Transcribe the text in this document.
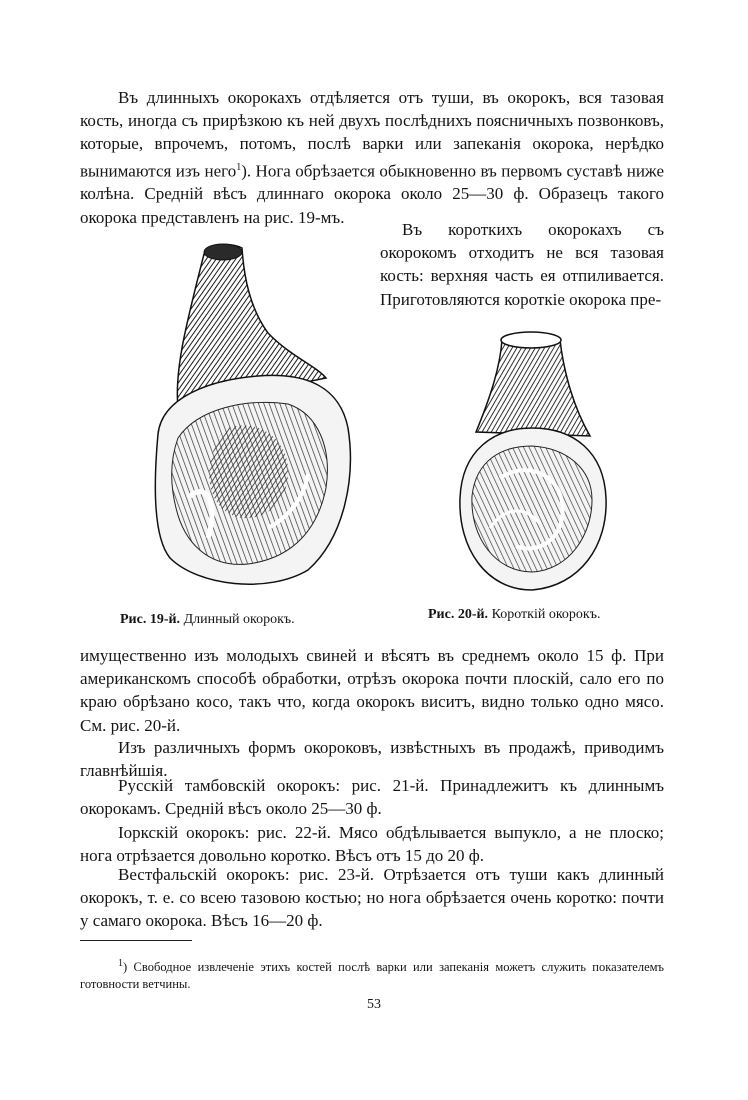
Въ длинныхъ окорокахъ отдѣляется отъ туши, въ окорокъ, вся тазовая кость, иногда съ прирѣзкою къ ней двухъ послѣднихъ поясничныхъ позвонковъ, которые, впрочемъ, потомъ, послѣ варки или запеканія окорока, нерѣдко вынимаются изъ него$^1$). Нога обрѣзается обыкновенно въ первомъ суставѣ ниже колѣна. Средній вѣсъ длиннаго окорока около 25—30 ф. Образецъ такого окорока представленъ на рис. 19-мъ.

Въ короткихъ окорокахъ съ окорокомъ отходитъ не вся тазовая кость: верхняя часть ея отпиливается. Приготовляются короткіе окорока пре-

Рис. 19-й. Длинный окорокъ.	Рис. 20-й. Короткій окорокъ.

имущественно изъ молодыхъ свиней и вѣсятъ въ среднемъ около 15 ф. При американскомъ способѣ обработки, отрѣзъ окорока почти плоскій, сало его по краю обрѣзано косо, такъ что, когда окорокъ виситъ, видно только одно мясо. См. рис. 20-й.

Изъ различныхъ формъ окороковъ, извѣстныхъ въ продажѣ, приводимъ главнѣйшія.

Русскій тамбовскій окорокъ: рис. 21-й. Принадлежитъ къ длиннымъ окорокамъ. Средній вѣсъ около 25—30 ф.

Іоркскій окорокъ: рис. 22-й. Мясо обдѣлывается выпукло, а не плоско; нога отрѣзается довольно коротко. Вѣсъ отъ 15 до 20 ф.

Вестфальскій окорокъ: рис. 23-й. Отрѣзается отъ туши какъ длинный окорокъ, т. е. со всею тазовою костью; но нога обрѣзается очень коротко: почти у самаго окорока. Вѣсъ 16—20 ф.

$^1$) Свободное извлеченіе этихъ костей послѣ варки или запеканія можетъ служить показателемъ готовности ветчины.

53
